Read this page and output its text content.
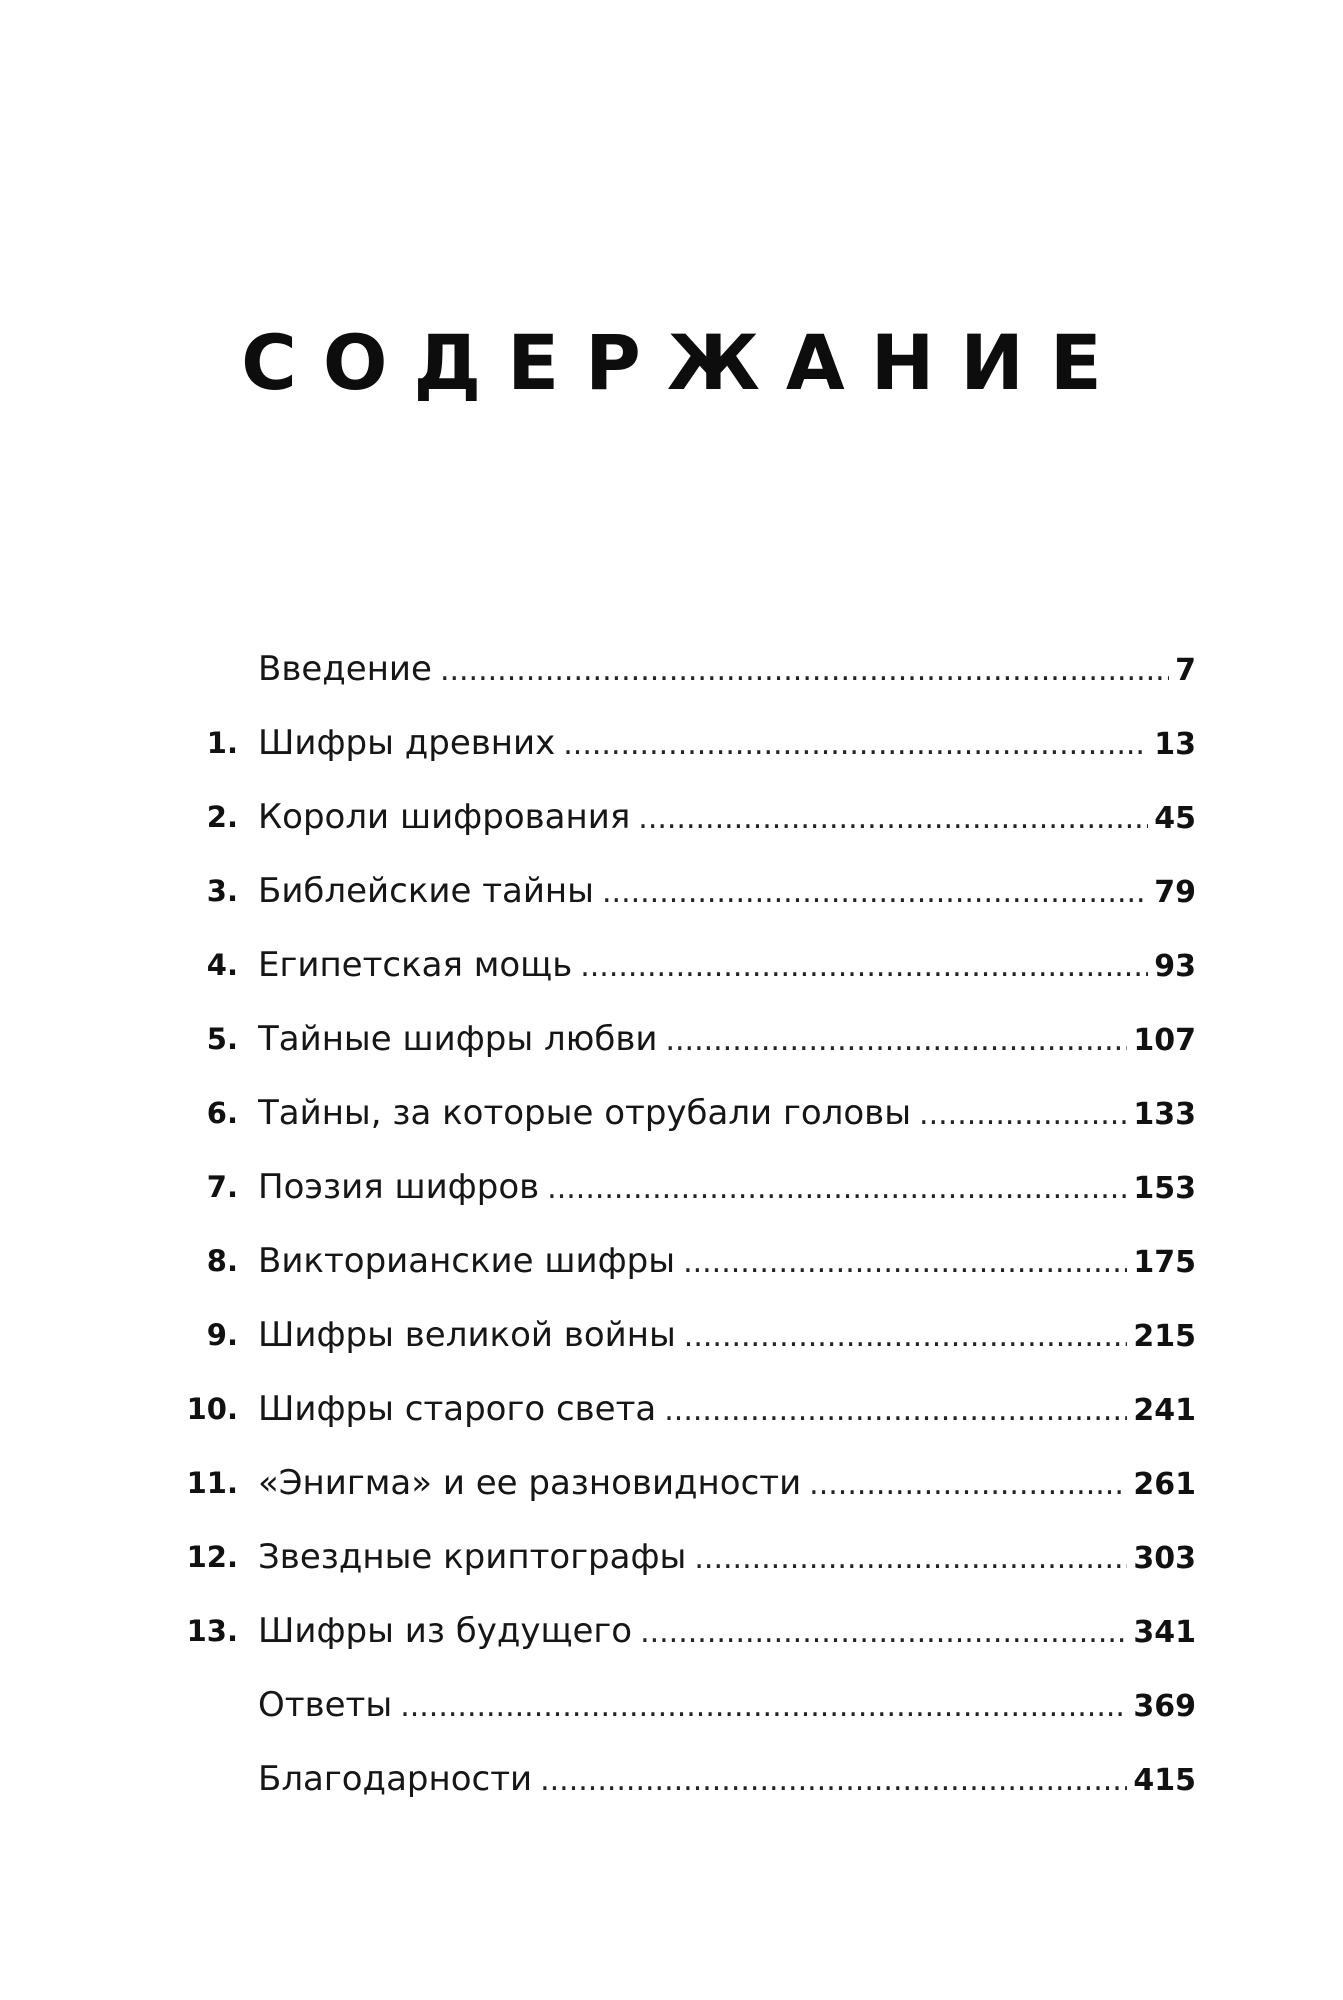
СОДЕРЖАНИЕ
Введение .....	7
1. Шифры древних .....	13
2. Короли шифрования .....	45
3. Библейские тайны .....	79
4. Египетская мощь .....	93
5. Тайные шифры любви .....	107
6. Тайны, за которые отрубали головы .....	133
7. Поэзия шифров .....	153
8. Викторианские шифры .....	175
9. Шифры великой войны .....	215
10. Шифры старого света .....	241
11. «Энигма» и ее разновидности .....	261
12. Звездные криптографы .....	303
13. Шифры из будущего .....	341
Ответы .....	369
Благодарности .....	415
